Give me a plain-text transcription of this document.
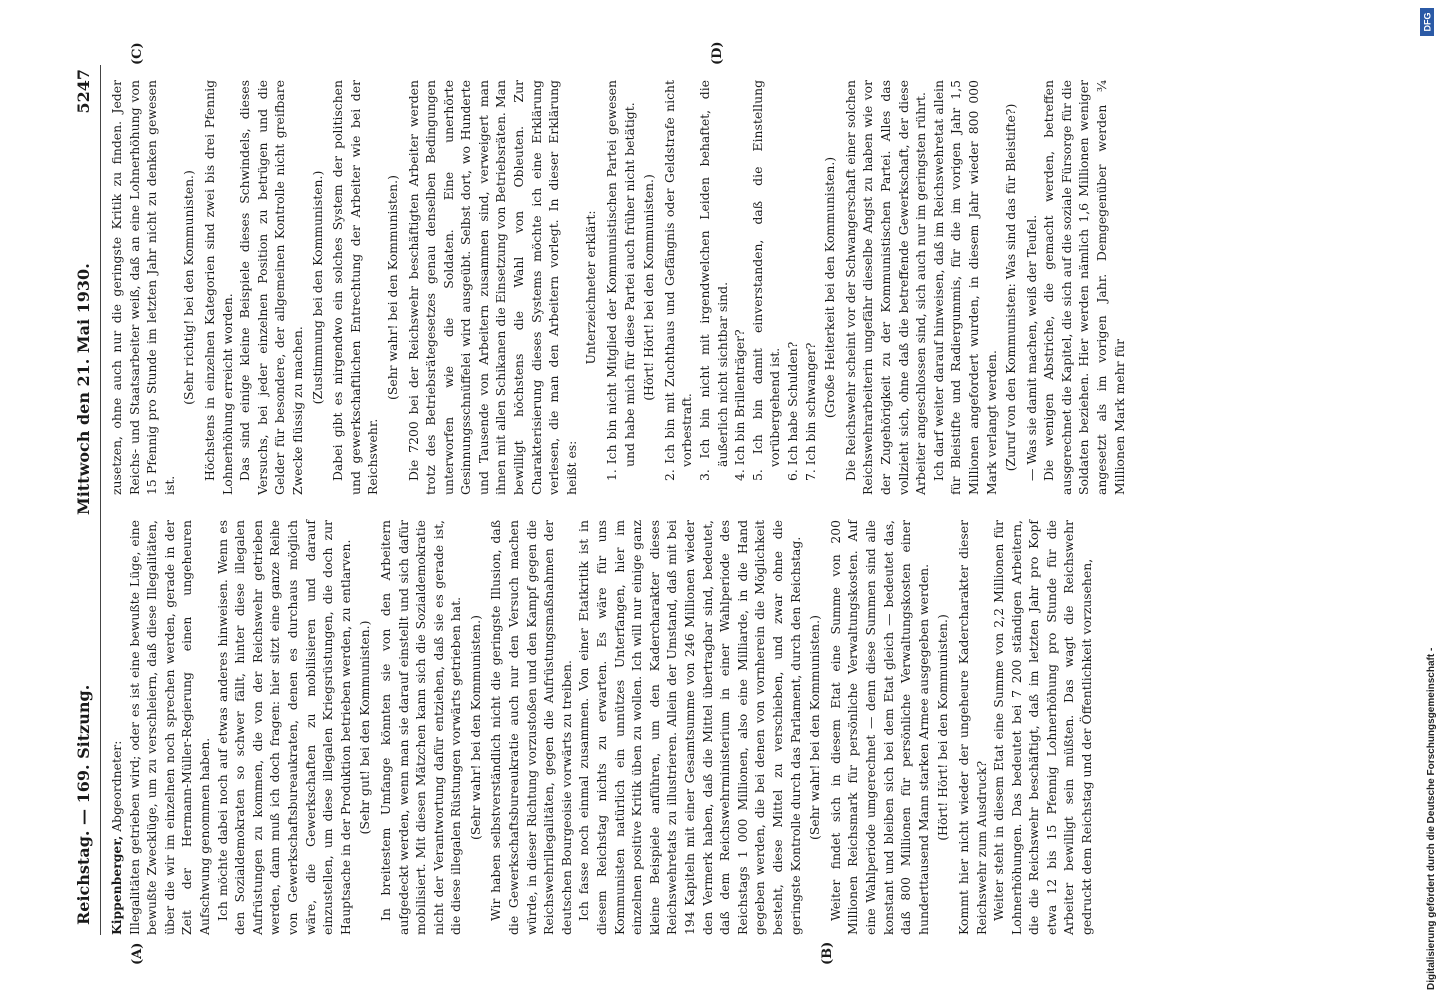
Reichstag. — 169. Sitzung.
Mittwoch den 21. Mai 1930.
5247
(A)	(B)
(C)	(D)

Kippenberger, Abgeordneter: Illegalitäten getrieben wird; oder es ist eine bewußte Lüge, eine bewußte Zwecklüge, um zu verschleiern, daß diese Illegalitäten, über die wir im einzelnen noch sprechen werden, gerade in der Zeit der Hermann-Müller-Regierung einen ungeheuren Aufschwung genommen haben. Ich möchte dabei noch auf etwas anderes hinweisen. Wenn es den Sozialdemokraten so schwer fällt, hinter diese illegalen Aufrüstungen zu kommen, die von der Reichswehr getrieben werden, dann muß ich doch fragen: hier sitzt eine ganze Reihe von Gewerkschaftsbureaukraten, denen es durchaus möglich wäre, die Gewerkschaften zu mobilisieren und darauf einzustellen, um diese illegalen Kriegsrüstungen, die doch zur Hauptsache in der Produktion betrieben werden, zu entlarven. (Sehr gut! bei den Kommunisten.) In breitestem Umfange könnten sie von den Arbeitern aufgedeckt werden, wenn man sie darauf einstellt und sich dafür mobilisiert. Mit diesen Mätzchen kann sich die Sozialdemokratie nicht der Verantwortung dafür entziehen, daß sie es gerade ist, die diese illegalen Rüstungen vorwärts getrieben hat. (Sehr wahr! bei den Kommunisten.) Wir haben selbstverständlich nicht die geringste Illusion, daß die Gewerkschaftsbureaukratie auch nur den Versuch machen würde, in dieser Richtung vorzustoßen und den Kampf gegen die Reichswehrillegalitäten, gegen die Aufrüstungsmaßnahmen der deutschen Bourgeoisie vorwärts zu treiben. Ich fasse noch einmal zusammen. Von einer Etatkritik ist in diesem Reichstag nichts zu erwarten. Es wäre für uns Kommunisten natürlich ein unnützes Unterfangen, hier im einzelnen positive Kritik üben zu wollen. Ich will nur einige ganz kleine Beispiele anführen, um den Kadercharakter dieses Reichswehretats zu illustrieren. Allein der Umstand, daß mit bei 194 Kapiteln mit einer Gesamtsumme von 246 Millionen wieder den Vermerk haben, daß die Mittel übertragbar sind, bedeutet, daß dem Reichswehrministerium in einer Wahlperiode des Reichstags 1 000 Millionen, also eine Milliarde, in die Hand gegeben werden, die bei denen von vornherein die Möglichkeit besteht, diese Mittel zu verschieben, und zwar ohne die geringste Kontrolle durch das Parlament, durch den Reichstag. (Sehr wahr! bei den Kommunisten.) Weiter findet sich in diesem Etat eine Summe von 200 Millionen Reichsmark für persönliche Verwaltungskosten. Auf eine Wahlperiode umgerechnet — denn diese Summen sind alle konstant und bleiben sich bei dem Etat gleich — bedeutet das, daß 800 Millionen für persönliche Verwaltungskosten einer hunderttausend Mann starken Armee ausgegeben werden. (Hört! Hört! bei den Kommunisten.) Kommt hier nicht wieder der ungeheure Kadercharakter dieser Reichswehr zum Ausdruck? Weiter steht in diesem Etat eine Summe von 2,2 Millionen für Lohnerhöhungen. Das bedeutet bei 7 200 ständigen Arbeitern, die die Reichswehr beschäftigt, daß im letzten Jahr pro Kopf etwa 12 bis 15 Pfennig Lohnerhöhung pro Stunde für die Arbeiter bewilligt sein müßten. Das wagt die Reichswehr gedruckt dem Reichstag und der Öffentlichkeit vorzusehen,

zusetzen, ohne auch nur die geringste Kritik zu finden. Jeder Reichs- und Staatsarbeiter weiß, daß an eine Lohnerhöhung von 15 Pfennig pro Stunde im letzten Jahr nicht zu denken gewesen ist.

(Sehr richtig! bei den Kommunisten.) Höchstens in einzelnen Kategorien sind zwei bis drei Pfennig Lohnerhöhung erreicht worden. Das sind einige kleine Beispiele dieses Schwindels, dieses Versuchs, bei jeder einzelnen Position zu betrügen und die Gelder für besondere, der allgemeinen Kontrolle nicht greifbare Zwecke flüssig zu machen.

(Zustimmung bei den Kommunisten.) Dabei gibt es nirgendwo ein solches System der politischen und gewerkschaftlichen Entrechtung der Arbeiter wie bei der Reichswehr.

(Sehr wahr! bei den Kommunisten.) Die 7200 bei der Reichswehr beschäftigten Arbeiter werden trotz des Betriebsrätegesetzes genau denselben Bedingungen unterworfen wie die Soldaten. Eine unerhörte Gesinnungsschnüffelei wird ausgeübt. Selbst dort, wo Hunderte und Tausende von Arbeitern zusammen sind, verweigert man ihnen mit allen Schikanen die Einsetzung von Betriebsräten. Man bewilligt höchstens die Wahl von Obleuten. Zur Charakterisierung dieses Systems möchte ich eine Erklärung verlesen, die man den Arbeitern vorlegt. In dieser Erklärung heißt es:

Unterzeichneter erklärt: 1. Ich bin nicht Mitglied der Kommunistischen Partei gewesen und habe mich für diese Partei auch früher nicht betätigt. (Hört! Hört! bei den Kommunisten.) 2. Ich bin mit Zuchthaus und Gefängnis oder Geldstrafe nicht vorbestraft. 3. Ich bin nicht mit irgendwelchen Leiden behaftet, die äußerlich nicht sichtbar sind. 4. Ich bin Brillenträger? 5. Ich bin damit einverstanden, daß die Einstellung vorübergehend ist. 6. Ich habe Schulden? 7. Ich bin schwanger? (Große Heiterkeit bei den Kommunisten.) Die Reichswehr scheint vor der Schwangerschaft einer solchen Reichswehrarbeiterin ungefähr dieselbe Angst zu haben wie vor der Zugehörigkeit zu der Kommunistischen Partei. Alles das vollzieht sich, ohne daß die betreffende Gewerkschaft, der diese Arbeiter angeschlossen sind, sich auch nur im geringsten rührt. Ich darf weiter darauf hinweisen, daß im Reichswehretat allein für Bleistifte und Radiergummis, für die im vorigen Jahr 1,5 Millionen angefordert wurden, in diesem Jahr wieder 800 000 Mark verlangt werden. (Zuruf von den Kommunisten: Was sind das für Bleistifte?) — Was sie damit machen, weiß der Teufel. Die wenigen Abstriche, die gemacht werden, betreffen ausgerechnet die Kapitel, die sich auf die soziale Fürsorge für die Soldaten beziehen. Hier werden nämlich 1,6 Millionen weniger angesetzt als im vorigen Jahr. Demgegenüber werden ¾ Millionen Mark mehr für

DFG
Digitalisierung gefördert durch die Deutsche Forschungsgemeinschaft -
